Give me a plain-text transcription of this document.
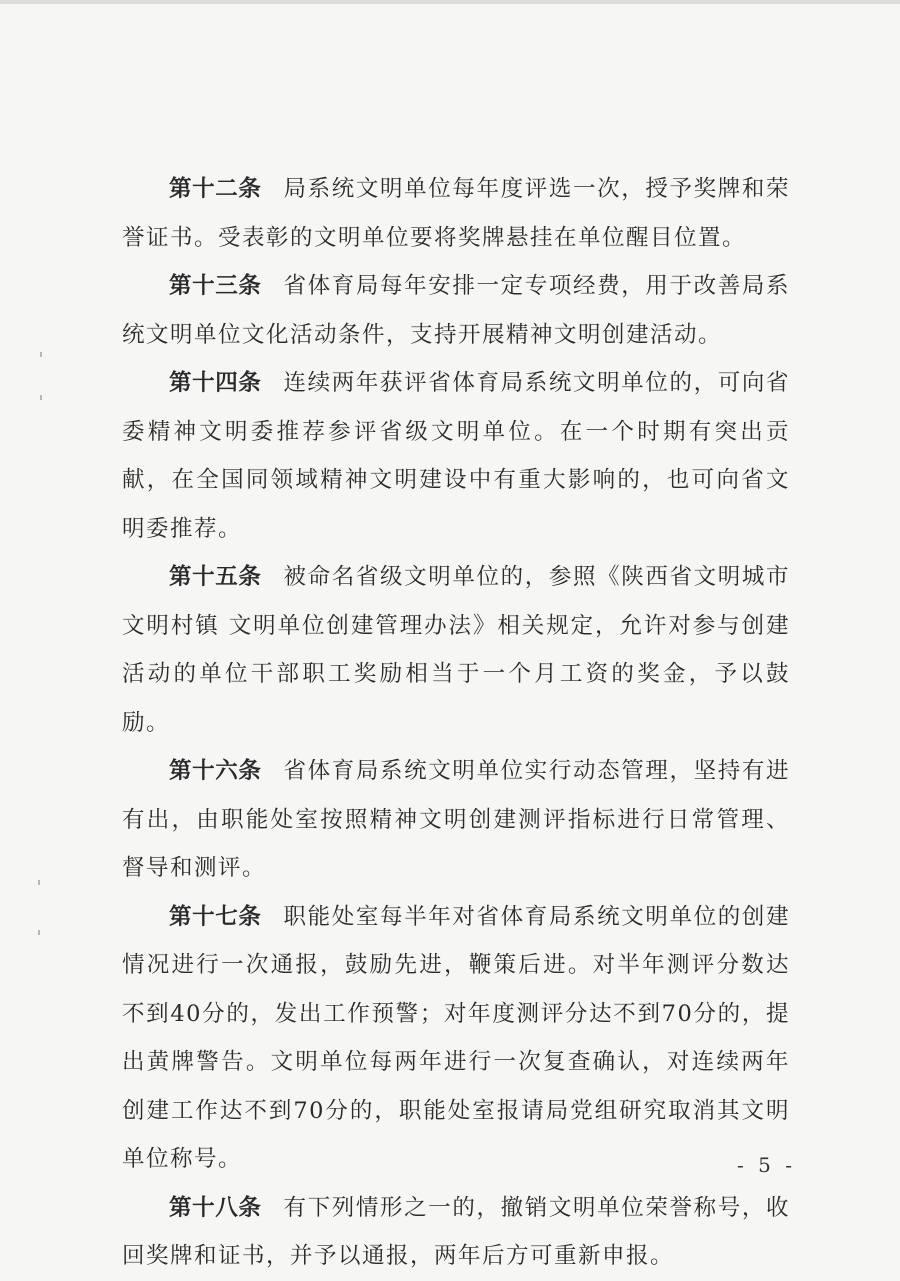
第十二条 局系统文明单位每年度评选一次，授予奖牌和荣誉证书。受表彰的文明单位要将奖牌悬挂在单位醒目位置。

第十三条 省体育局每年安排一定专项经费，用于改善局系统文明单位文化活动条件，支持开展精神文明创建活动。

第十四条 连续两年获评省体育局系统文明单位的，可向省委精神文明委推荐参评省级文明单位。在一个时期有突出贡献，在全国同领域精神文明建设中有重大影响的，也可向省文明委推荐。

第十五条 被命名省级文明单位的，参照《陕西省文明城市 文明村镇 文明单位创建管理办法》相关规定，允许对参与创建活动的单位干部职工奖励相当于一个月工资的奖金，予以鼓励。

第十六条 省体育局系统文明单位实行动态管理，坚持有进有出，由职能处室按照精神文明创建测评指标进行日常管理、督导和测评。

第十七条 职能处室每半年对省体育局系统文明单位的创建情况进行一次通报，鼓励先进，鞭策后进。对半年测评分数达不到40分的，发出工作预警；对年度测评分达不到70分的，提出黄牌警告。文明单位每两年进行一次复查确认，对连续两年创建工作达不到70分的，职能处室报请局党组研究取消其文明单位称号。

第十八条 有下列情形之一的，撤销文明单位荣誉称号，收回奖牌和证书，并予以通报，两年后方可重新申报。

- 5 -
